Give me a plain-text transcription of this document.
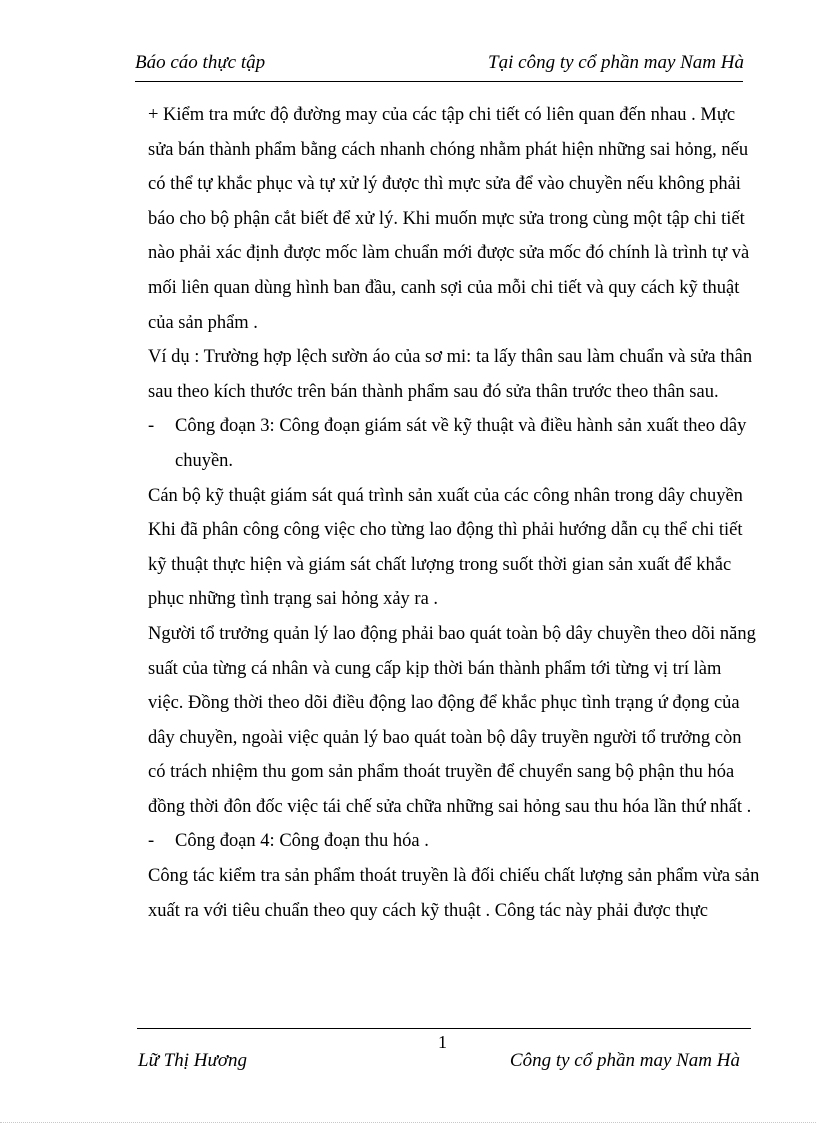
Báo cáo thực tập	Tại công ty cổ phần may Nam Hà

+ Kiểm tra mức độ đường may của các tập chi tiết có liên quan đến nhau . Mực sửa bán thành phẩm bằng cách nhanh chóng nhằm phát hiện những sai hỏng, nếu có thể tự khắc phục và tự xử lý được thì mực sửa để vào chuyền nếu không phải báo cho bộ phận cắt biết để xử lý. Khi muốn mực sửa trong cùng một tập chi tiết nào phải xác định được mốc làm chuẩn mới được sửa mốc đó chính là trình tự và mối liên quan dùng hình ban đầu, canh sợi của mỗi chi tiết và quy cách kỹ thuật của sản phẩm .

Ví dụ : Trường hợp lệch sườn áo của sơ mi: ta lấy thân sau làm chuẩn và sửa thân sau theo kích thước trên bán thành phẩm sau đó sửa thân trước theo thân sau.

- Công đoạn 3: Công đoạn giám sát về kỹ thuật và điều hành sản xuất theo dây chuyền.

Cán bộ kỹ thuật giám sát quá trình sản xuất của các công nhân trong dây chuyền Khi đã phân công công việc cho từng lao động thì phải hướng dẫn cụ thể chi tiết kỹ thuật thực hiện và giám sát chất lượng trong suốt thời gian sản xuất để khắc phục những tình trạng sai hỏng xảy ra .

Người tổ trưởng quản lý lao động phải bao quát toàn bộ dây chuyền theo dõi năng suất của từng cá nhân và cung cấp kịp thời bán thành phẩm tới từng vị trí làm việc. Đồng thời theo dõi điều động lao động để khắc phục tình trạng ứ đọng của dây chuyền, ngoài việc quản lý bao quát toàn bộ dây truyền người tổ trưởng còn có trách nhiệm thu gom sản phẩm thoát truyền để chuyển sang bộ phận thu hóa đồng thời đôn đốc việc tái chế sửa chữa những sai hỏng sau thu hóa lần thứ nhất .

- Công đoạn 4: Công đoạn thu hóa .

Công tác kiểm tra sản phẩm thoát truyền là đối chiếu chất lượng sản phẩm vừa sản xuất ra với tiêu chuẩn theo quy cách kỹ thuật . Công tác này phải được thực

1
Lữ Thị Hương	Công ty cổ phần may Nam Hà
